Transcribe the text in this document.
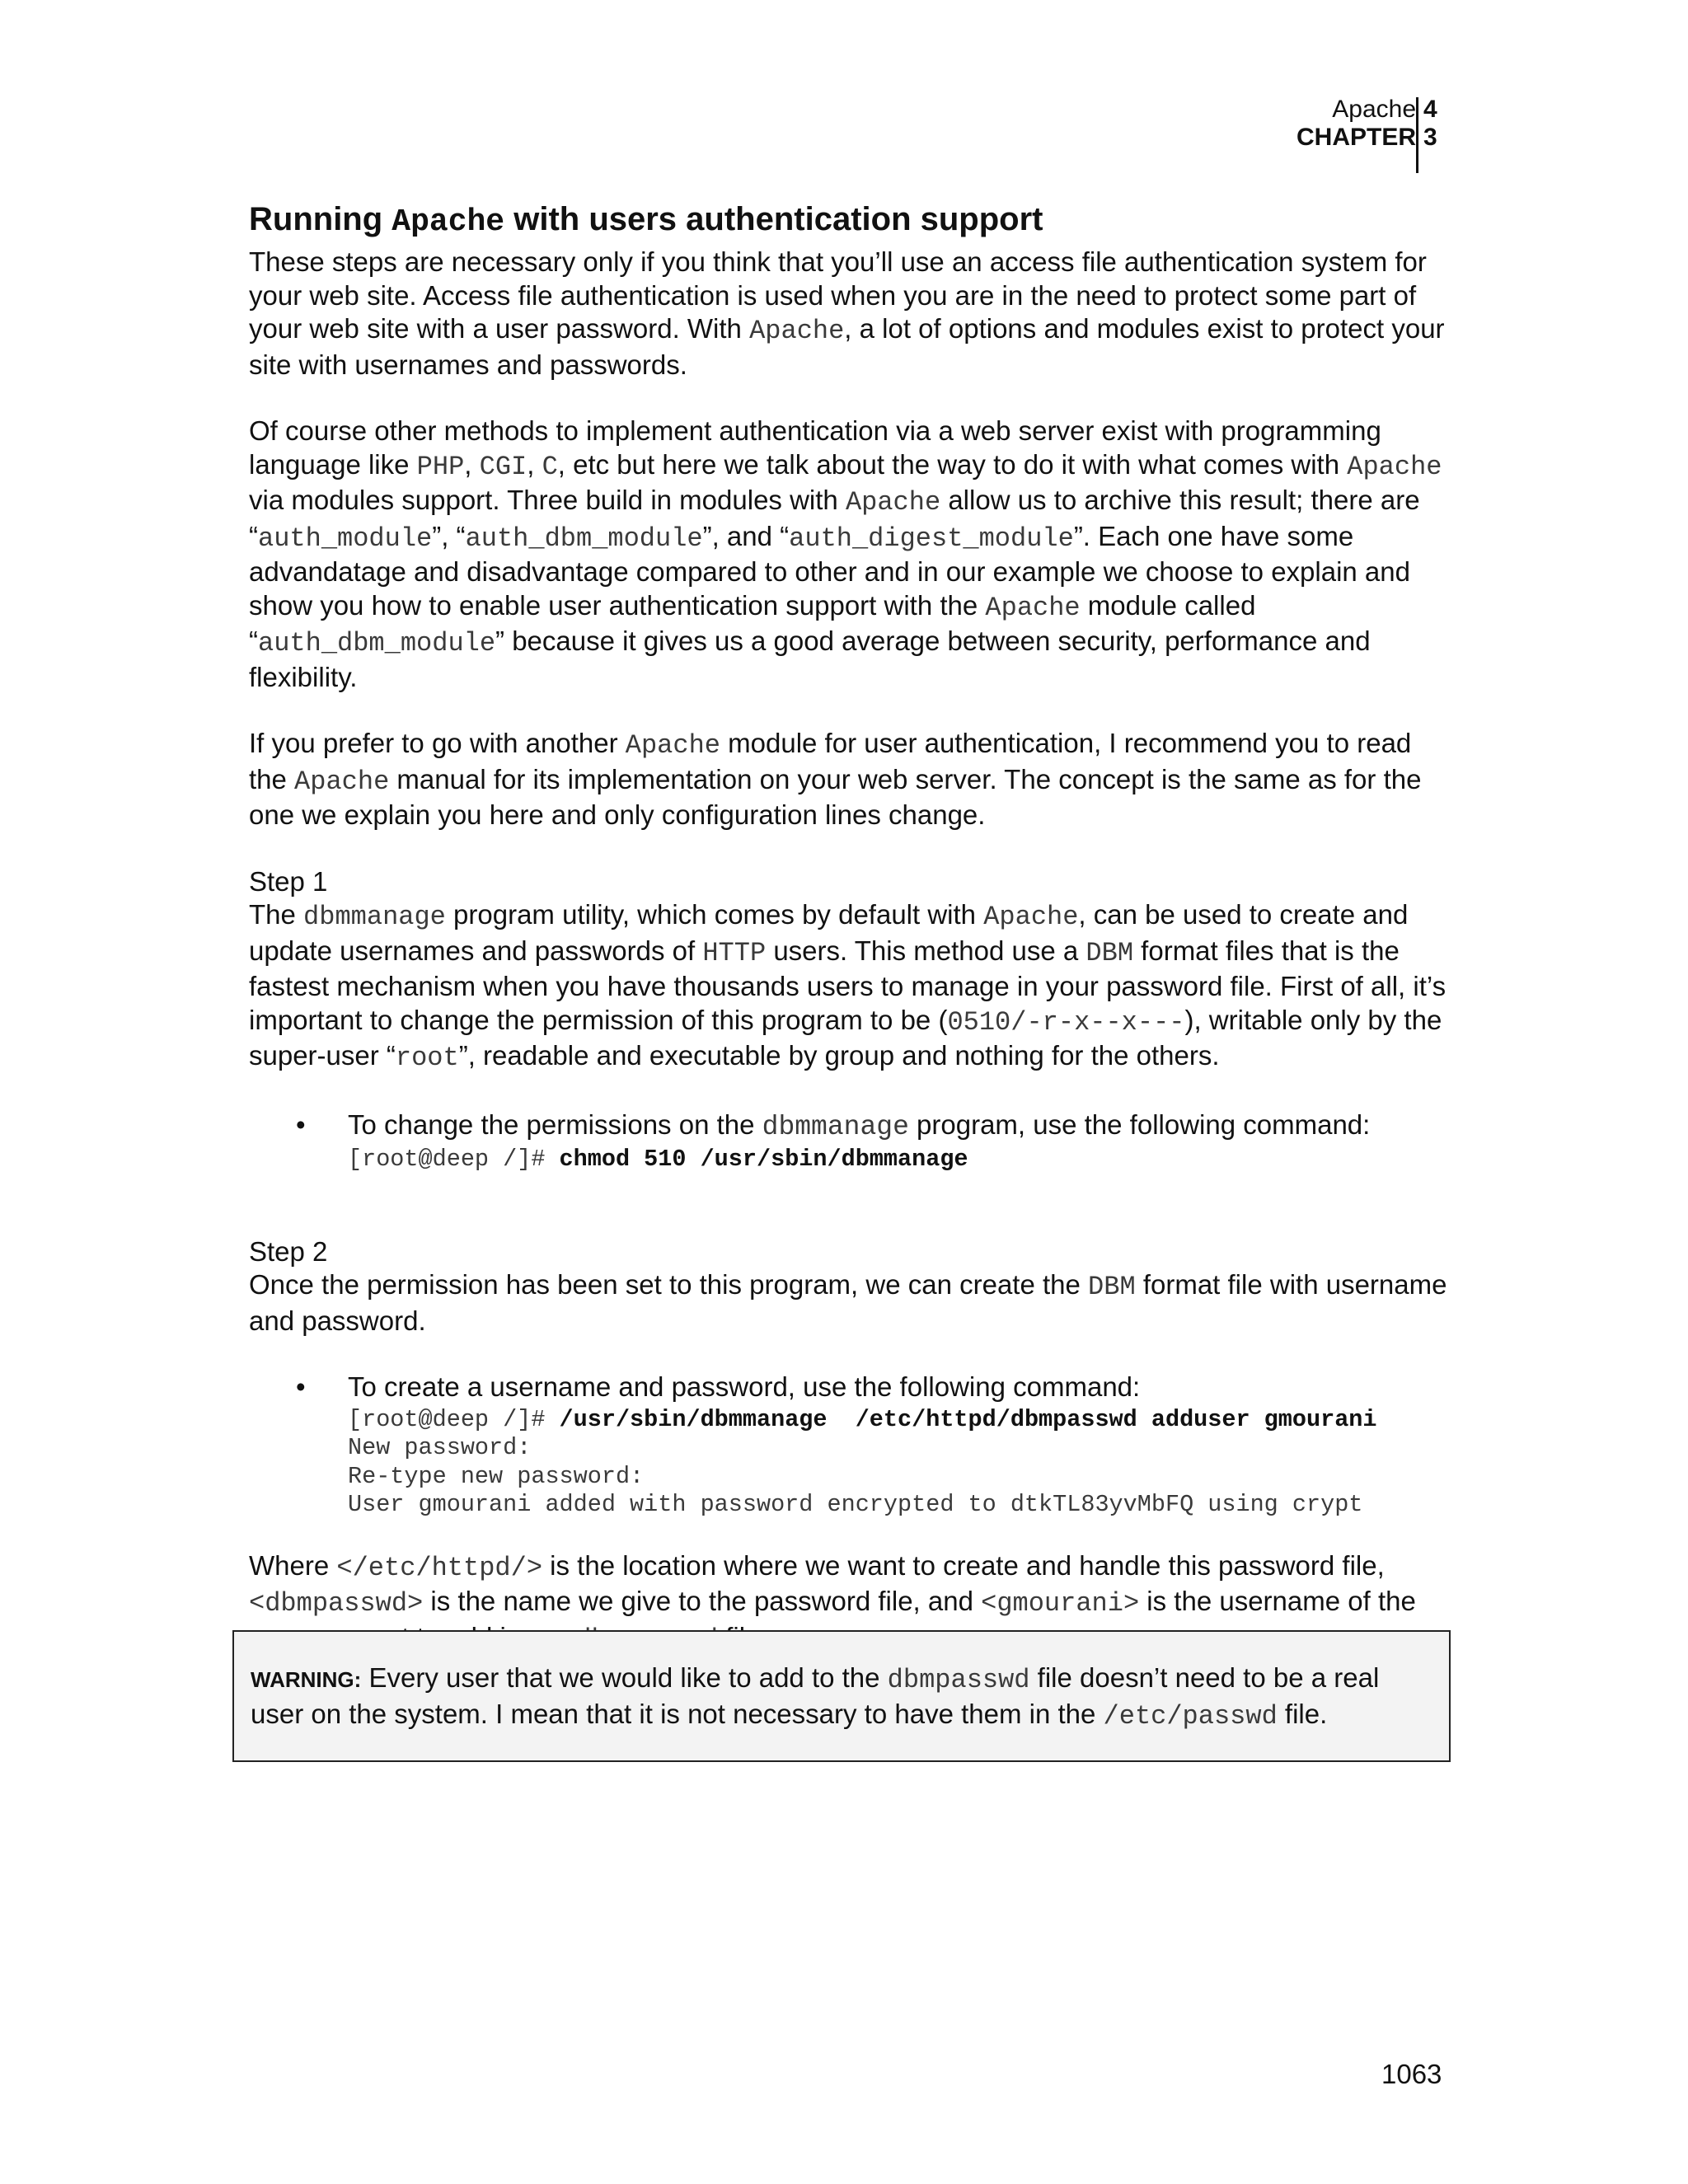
Apache
CHAPTER
4
3
Running Apache with users authentication support

These steps are necessary only if you think that you’ll use an access file authentication system for your web site. Access file authentication is used when you are in the need to protect some part of your web site with a user password. With Apache, a lot of options and modules exist to protect your site with usernames and passwords.

Of course other methods to implement authentication via a web server exist with programming language like PHP, CGI, C, etc but here we talk about the way to do it with what comes with Apache via modules support. Three build in modules with Apache allow us to archive this result; there are “auth_module”, “auth_dbm_module”, and “auth_digest_module”. Each one have some advandatage and disadvantage compared to other and in our example we choose to explain and show you how to enable user authentication support with the Apache module called “auth_dbm_module” because it gives us a good average between security, performance and flexibility.

If you prefer to go with another Apache module for user authentication, I recommend you to read the Apache manual for its implementation on your web server. The concept is the same as for the one we explain you here and only configuration lines change.

Step 1

The dbmmanage program utility, which comes by default with Apache, can be used to create and update usernames and passwords of HTTP users. This method use a DBM format files that is the fastest mechanism when you have thousands users to manage in your password file. First of all, it’s important to change the permission of this program to be (0510/-r-x--x---), writable only by the super-user “root”, readable and executable by group and nothing for the others.

• To change the permissions on the dbmmanage program, use the following command:
[root@deep /]# chmod 510 /usr/sbin/dbmmanage
Step 2

Once the permission has been set to this program, we can create the DBM format file with username and password.

• To create a username and password, use the following command:
[root@deep /]# /usr/sbin/dbmmanage  /etc/httpd/dbmpasswd adduser gmourani
New password:
Re-type new password:
User gmourani added with password encrypted to dtkTL83yvMbFQ using crypt

Where </etc/httpd/> is the location where we want to create and handle this password file, <dbmpasswd> is the name we give to the password file, and <gmourani> is the username of the

WARNING: Every user that we would like to add to the dbmpasswd file doesn’t need to be a real user on the system. I mean that it is not necessary to have them in the /etc/passwd file.

1063
